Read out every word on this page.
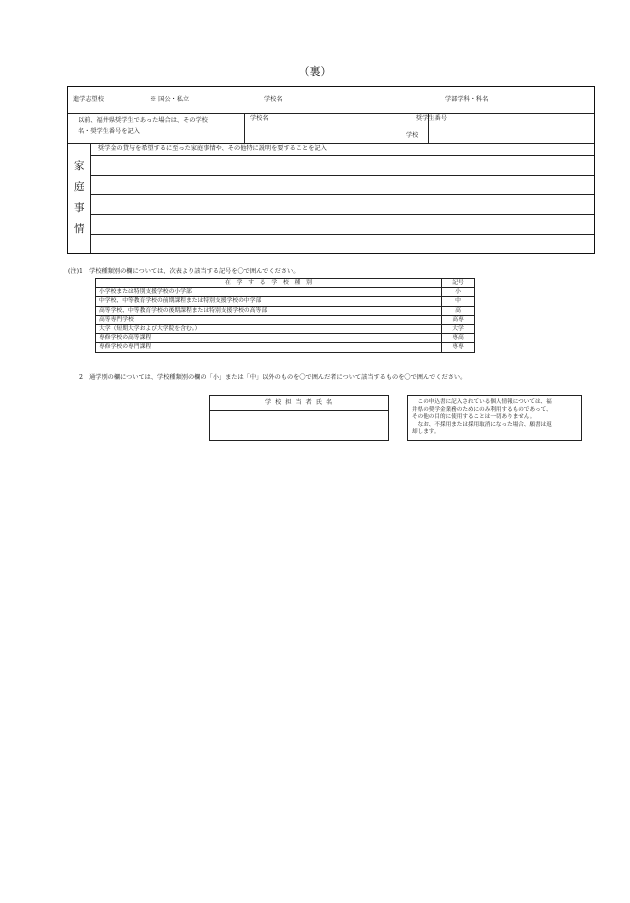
（裏）
進学志望校	※ 国公・私立	学校名	学部学科・科名
以前、福井県奨学生であった場合は、その学校
名・奨学生番号を記入
学校名
学校
奨学生番号
家
庭
事
情
奨学金の貸与を希望するに至った家庭事情や、その他特に説明を要することを記入
(注)1　学校種類別の欄については、次表より該当する記号を〇で囲んでください。
在　学　す　る　学　校　種　別	記号
小学校または特別支援学校の小学部	小
中学校、中等教育学校の前期課程または特別支援学校の中学部	中
高等学校、中等教育学校の後期課程または特別支援学校の高等部	高
高等専門学校	高専
大学（短期大学および大学院を含む。）	大学
専修学校の高等課程	専高
専修学校の専門課程	専専
2　通学別の欄については、学校種類別の欄の「小」または「中」以外のものを〇で囲んだ者について該当するものを〇で囲んでください。
学 校 担 当 者 氏 名	　この申込書に記入されている個人情報については、福
井県の奨学金業務のためにのみ利用するものであって、
その他の目的に使用することは一切ありません。
　なお、不採用または採用取消になった場合、願書は返
却します。
